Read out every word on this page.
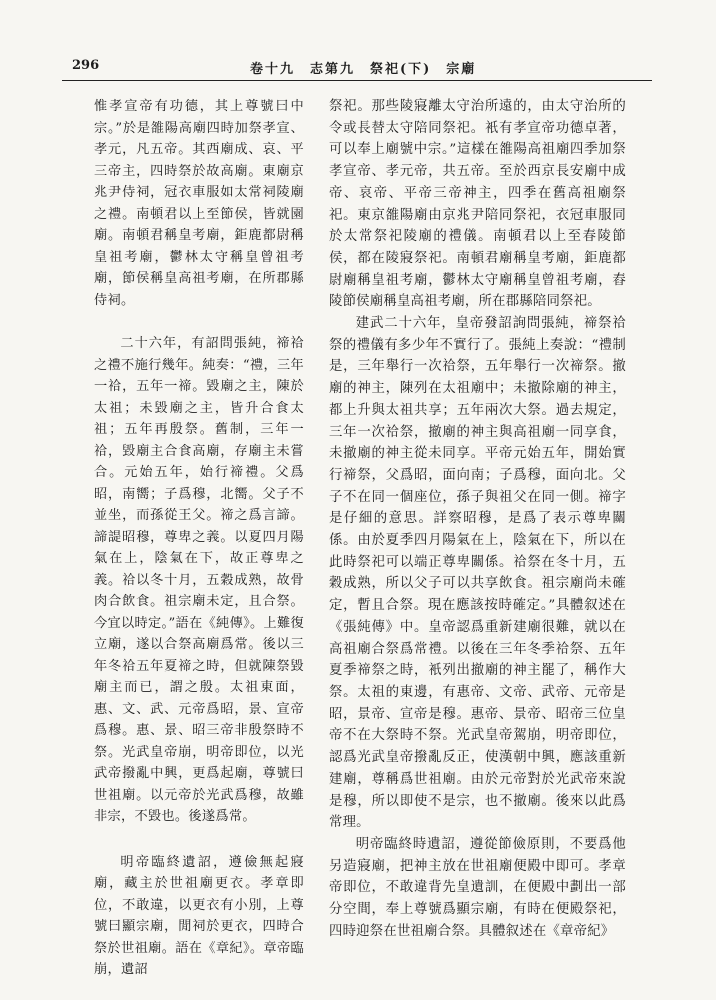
296	卷十九　志第九　祭祀(下)　宗廟

惟孝宣帝有功德，其上尊號曰中宗。”於是雒陽高廟四時加祭孝宣、孝元，凡五帝。其西廟成、哀、平三帝主，四時祭於故高廟。東廟京兆尹侍祠，冠衣車服如太常祠陵廟之禮。南頓君以上至節侯，皆就園廟。南頓君稱皇考廟，鉅鹿都尉稱皇祖考廟，鬱林太守稱皇曾祖考廟，節侯稱皇高祖考廟，在所郡縣侍祠。

二十六年，有詔問張純，禘祫之禮不施行幾年。純奏：“禮，三年一祫，五年一禘。毀廟之主，陳於太祖；未毀廟之主，皆升合食太祖；五年再殷祭。舊制，三年一祫，毀廟主合食高廟，存廟主未嘗合。元始五年，始行禘禮。父爲昭，南嚮；子爲穆，北嚮。父子不並坐，而孫從王父。禘之爲言諦。諦諟昭穆，尊卑之義。以夏四月陽氣在上，陰氣在下，故正尊卑之義。祫以冬十月，五穀成熟，故骨肉合飲食。祖宗廟未定，且合祭。今宜以時定。”語在《純傳》。上難復立廟，遂以合祭高廟爲常。後以三年冬祫五年夏禘之時，但就陳祭毀廟主而已，謂之殷。太祖東面，惠、文、武、元帝爲昭，景、宣帝爲穆。惠、景、昭三帝非殷祭時不祭。光武皇帝崩，明帝即位，以光武帝撥亂中興，更爲起廟，尊號曰世祖廟。以元帝於光武爲穆，故雖非宗，不毀也。後遂爲常。

明帝臨終遺詔，遵儉無起寢廟，藏主於世祖廟更衣。孝章即位，不敢違，以更衣有小別，上尊號曰顯宗廟，閒祠於更衣，四時合祭於世祖廟。語在《章紀》。章帝臨崩，遺詔

祭祀。那些陵寢離太守治所遠的，由太守治所的令或長替太守陪同祭祀。衹有孝宣帝功德卓著，可以奉上廟號中宗。”這樣在雒陽高祖廟四季加祭孝宣帝、孝元帝，共五帝。至於西京長安廟中成帝、哀帝、平帝三帝神主，四季在舊高祖廟祭祀。東京雒陽廟由京兆尹陪同祭祀，衣冠車服同於太常祭祀陵廟的禮儀。南頓君以上至春陵節侯，都在陵寢祭祀。南頓君廟稱皇考廟，鉅鹿都尉廟稱皇祖考廟，鬱林太守廟稱皇曾祖考廟，舂陵節侯廟稱皇高祖考廟，所在郡縣陪同祭祀。

建武二十六年，皇帝發詔詢問張純，禘祭祫祭的禮儀有多少年不實行了。張純上奏說：“禮制是，三年舉行一次祫祭，五年舉行一次禘祭。撤廟的神主，陳列在太祖廟中；未撤除廟的神主，都上升與太祖共享；五年兩次大祭。過去規定，三年一次祫祭，撤廟的神主與高祖廟一同享食，未撤廟的神主從未同享。平帝元始五年，開始實行禘祭，父爲昭，面向南；子爲穆，面向北。父子不在同一個座位，孫子與祖父在同一側。禘字是仔細的意思。詳察昭穆，是爲了表示尊卑關係。由於夏季四月陽氣在上，陰氣在下，所以在此時祭祀可以端正尊卑關係。祫祭在冬十月，五穀成熟，所以父子可以共享飲食。祖宗廟尚未確定，暫且合祭。現在應該按時確定。”具體叙述在《張純傳》中。皇帝認爲重新建廟很難，就以在高祖廟合祭爲常禮。以後在三年冬季祫祭、五年夏季禘祭之時，衹列出撤廟的神主罷了，稱作大祭。太祖的東邊，有惠帝、文帝、武帝、元帝是昭，景帝、宣帝是穆。惠帝、景帝、昭帝三位皇帝不在大祭時不祭。光武皇帝駕崩，明帝即位，認爲光武皇帝撥亂反正，使漢朝中興，應該重新建廟，尊稱爲世祖廟。由於元帝對於光武帝來說是穆，所以即使不是宗，也不撤廟。後來以此爲常理。

明帝臨終時遺詔，遵從節儉原則，不要爲他另造寢廟，把神主放在世祖廟便殿中即可。孝章帝即位，不敢違背先皇遺訓，在便殿中劃出一部分空間，奉上尊號爲顯宗廟，有時在便殿祭祀，四時迎祭在世祖廟合祭。具體叙述在《章帝紀》
